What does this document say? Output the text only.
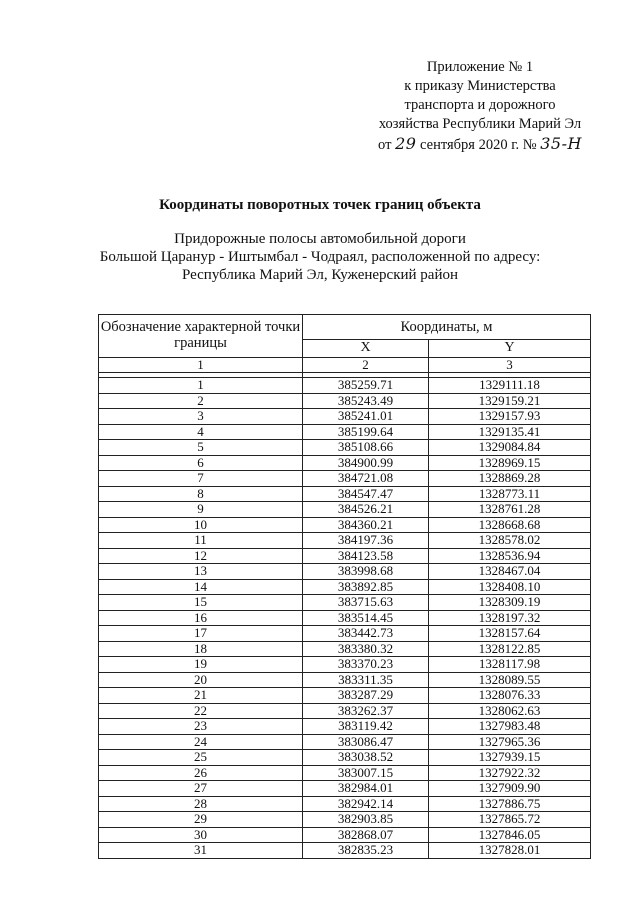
Приложение № 1
к приказу Министерства
транспорта и дорожного
хозяйства Республики Марий Эл
от 29 сентября 2020 г. № 35-Н
Координаты поворотных точек границ объекта
Придорожные полосы автомобильной дороги
Большой Царанур - Иштымбал - Чодраял, расположенной по адресу:
Республика Марий Эл, Куженерский район
Обозначение характерной точки границы	Координаты, м	
	X	Y
1	2	3

1	385259.71	1329111.18
2	385243.49	1329159.21
3	385241.01	1329157.93
4	385199.64	1329135.41
5	385108.66	1329084.84
6	384900.99	1328969.15
7	384721.08	1328869.28
8	384547.47	1328773.11
9	384526.21	1328761.28
10	384360.21	1328668.68
11	384197.36	1328578.02
12	384123.58	1328536.94
13	383998.68	1328467.04
14	383892.85	1328408.10
15	383715.63	1328309.19
16	383514.45	1328197.32
17	383442.73	1328157.64
18	383380.32	1328122.85
19	383370.23	1328117.98
20	383311.35	1328089.55
21	383287.29	1328076.33
22	383262.37	1328062.63
23	383119.42	1327983.48
24	383086.47	1327965.36
25	383038.52	1327939.15
26	383007.15	1327922.32
27	382984.01	1327909.90
28	382942.14	1327886.75
29	382903.85	1327865.72
30	382868.07	1327846.05
31	382835.23	1327828.01
